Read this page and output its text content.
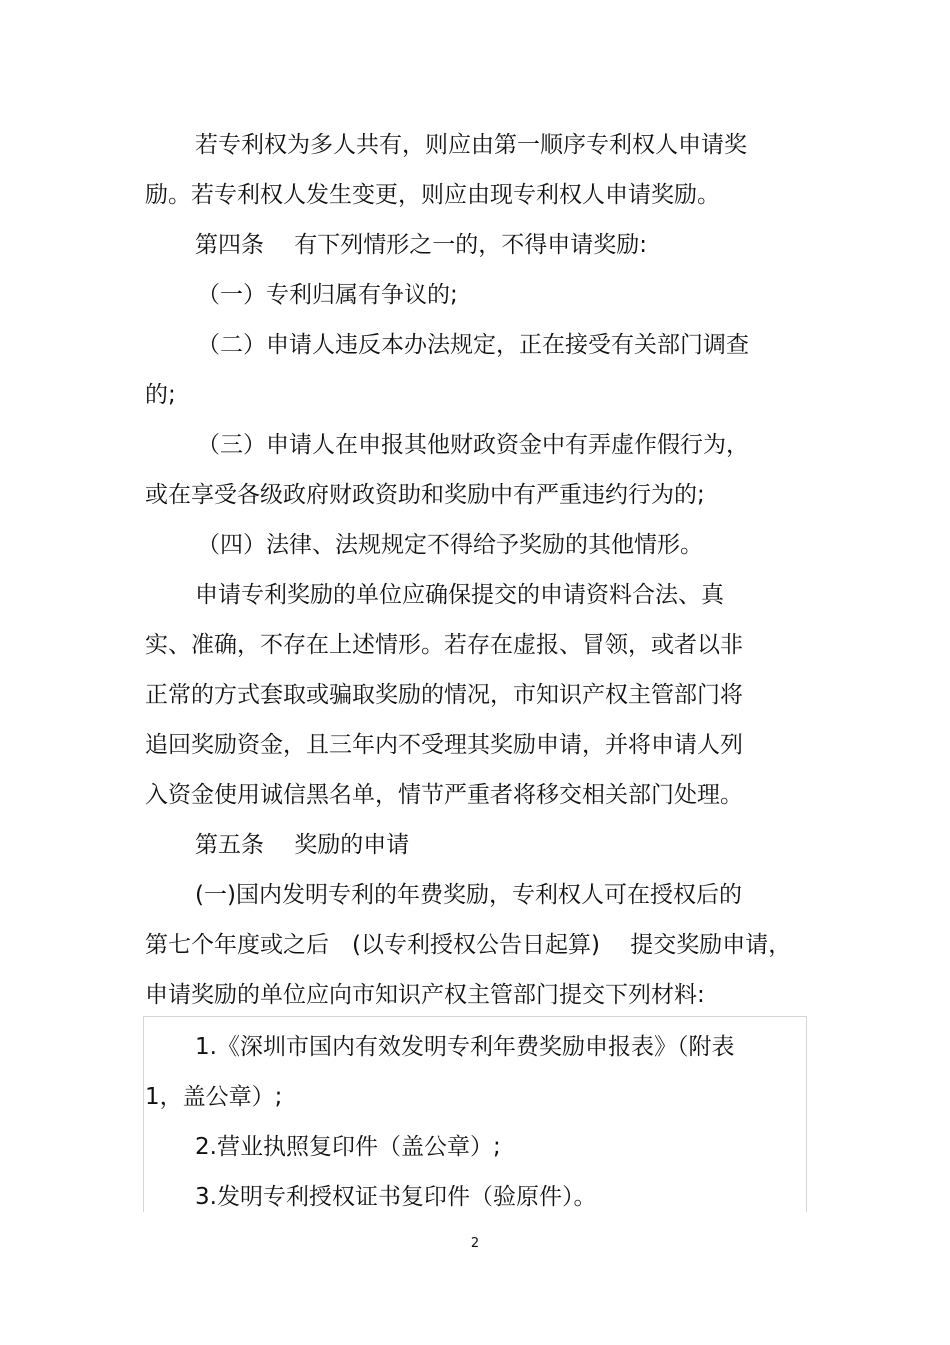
若专利权为多人共有，则应由第一顺序专利权人申请奖

励。若专利权人发生变更，则应由现专利权人申请奖励。

第四条　 有下列情形之一的，不得申请奖励:

（一）专利归属有争议的;

（二）申请人违反本办法规定，正在接受有关部门调查

的;

（三）申请人在申报其他财政资金中有弄虚作假行为，

或在享受各级政府财政资助和奖励中有严重违约行为的;

（四）法律、法规规定不得给予奖励的其他情形。

申请专利奖励的单位应确保提交的申请资料合法、真

实、准确，不存在上述情形。若存在虚报、冒领，或者以非

正常的方式套取或骗取奖励的情况，市知识产权主管部门将

追回奖励资金，且三年内不受理其奖励申请，并将申请人列

入资金使用诚信黑名单，情节严重者将移交相关部门处理。

第五条　 奖励的申请

(一)国内发明专利的年费奖励，专利权人可在授权后的

第七个年度或之后　(以专利授权公告日起算)　 提交奖励申请，

申请奖励的单位应向市知识产权主管部门提交下列材料:

1.《深圳市国内有效发明专利年费奖励申报表》（附表

1，盖公章）;

2.营业执照复印件（盖公章）;

3.发明专利授权证书复印件（验原件）。

2
